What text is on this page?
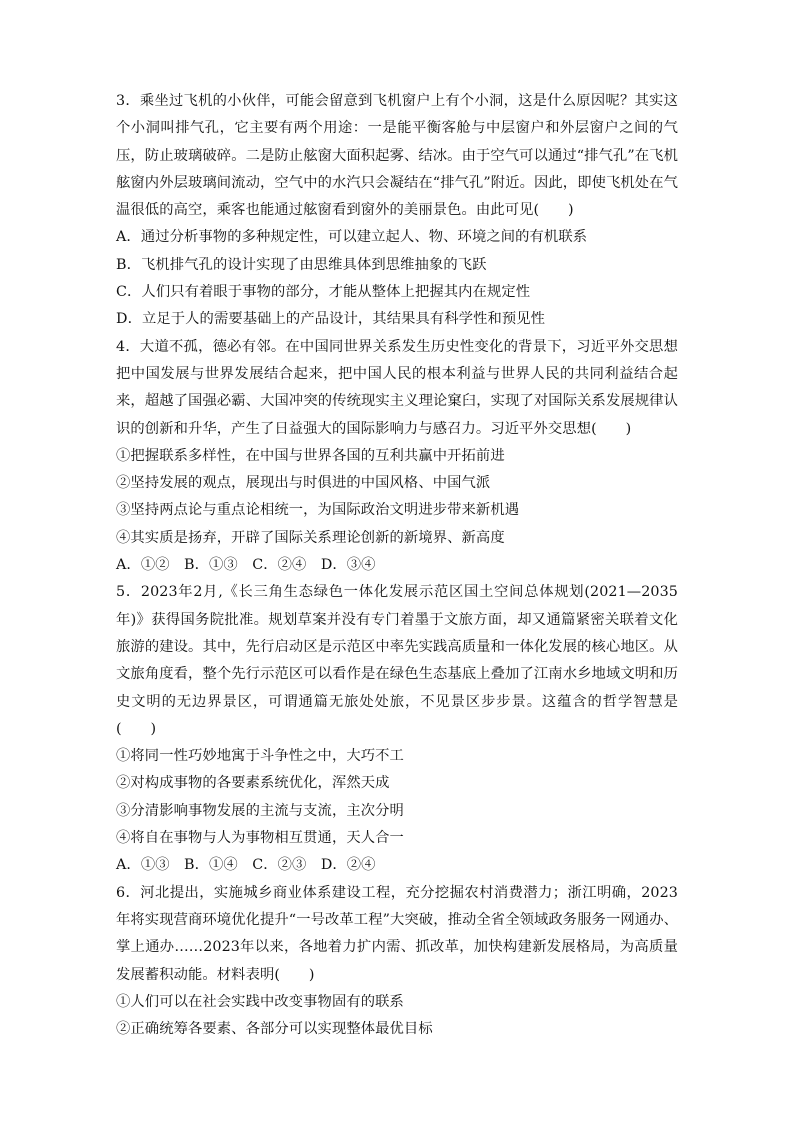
3．乘坐过飞机的小伙伴，可能会留意到飞机窗户上有个小洞，这是什么原因呢？其实这个小洞叫排气孔，它主要有两个用途：一是能平衡客舱与中层窗户和外层窗户之间的气压，防止玻璃破碎。二是防止舷窗大面积起雾、结冰。由于空气可以通过“排气孔”在飞机舷窗内外层玻璃间流动，空气中的水汽只会凝结在“排气孔”附近。因此，即使飞机处在气温很低的高空，乘客也能通过舷窗看到窗外的美丽景色。由此可见(　　)

A．通过分析事物的多种规定性，可以建立起人、物、环境之间的有机联系

B．飞机排气孔的设计实现了由思维具体到思维抽象的飞跃

C．人们只有着眼于事物的部分，才能从整体上把握其内在规定性

D．立足于人的需要基础上的产品设计，其结果具有科学性和预见性

4．大道不孤，德必有邻。在中国同世界关系发生历史性变化的背景下，习近平外交思想把中国发展与世界发展结合起来，把中国人民的根本利益与世界人民的共同利益结合起来，超越了国强必霸、大国冲突的传统现实主义理论窠臼，实现了对国际关系发展规律认识的创新和升华，产生了日益强大的国际影响力与感召力。习近平外交思想(　　)

①把握联系多样性，在中国与世界各国的互利共赢中开拓前进

②坚持发展的观点，展现出与时俱进的中国风格、中国气派

③坚持两点论与重点论相统一，为国际政治文明进步带来新机遇

④其实质是扬弃，开辟了国际关系理论创新的新境界、新高度

A．①②　B．①③　C．②④　D．③④

5．2023年2月,《长三角生态绿色一体化发展示范区国土空间总体规划(2021—2035年)》获得国务院批准。规划草案并没有专门着墨于文旅方面，却又通篇紧密关联着文化旅游的建设。其中，先行启动区是示范区中率先实践高质量和一体化发展的核心地区。从文旅角度看，整个先行示范区可以看作是在绿色生态基底上叠加了江南水乡地域文明和历史文明的无边界景区，可谓通篇无旅处处旅，不见景区步步景。这蕴含的哲学智慧是(　　)

①将同一性巧妙地寓于斗争性之中，大巧不工

②对构成事物的各要素系统优化，浑然天成

③分清影响事物发展的主流与支流，主次分明

④将自在事物与人为事物相互贯通，天人合一

A．①③　B．①④　C．②③　D．②④

6．河北提出，实施城乡商业体系建设工程，充分挖掘农村消费潜力；浙江明确，2023年将实现营商环境优化提升“一号改革工程”大突破，推动全省全领域政务服务一网通办、掌上通办……2023年以来，各地着力扩内需、抓改革，加快构建新发展格局，为高质量发展蓄积动能。材料表明(　　)

①人们可以在社会实践中改变事物固有的联系

②正确统筹各要素、各部分可以实现整体最优目标
